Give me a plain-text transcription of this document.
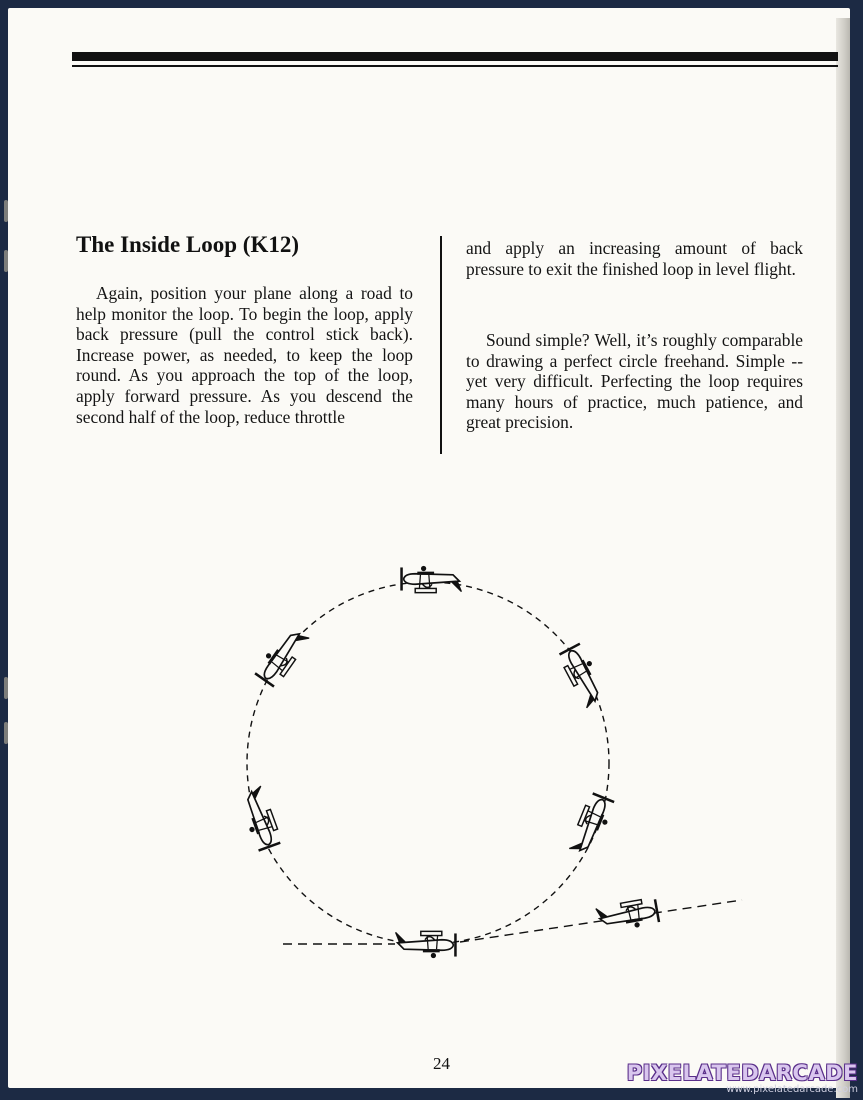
The Inside Loop (K12)

Again, position your plane along a road to help monitor the loop. To begin the loop, apply back pressure (pull the control stick back). Increase power, as needed, to keep the loop round. As you approach the top of the loop, apply forward pressure. As you descend the second half of the loop, reduce throttle

and apply an increasing amount of back pressure to exit the finished loop in level flight.

Sound simple? Well, it’s roughly comparable to drawing a perfect circle freehand. Simple -- yet very difficult. Perfecting the loop requires many hours of practice, much patience, and great precision.

24	PIXELATEDARCADE
www.pixelatedarcade.com
